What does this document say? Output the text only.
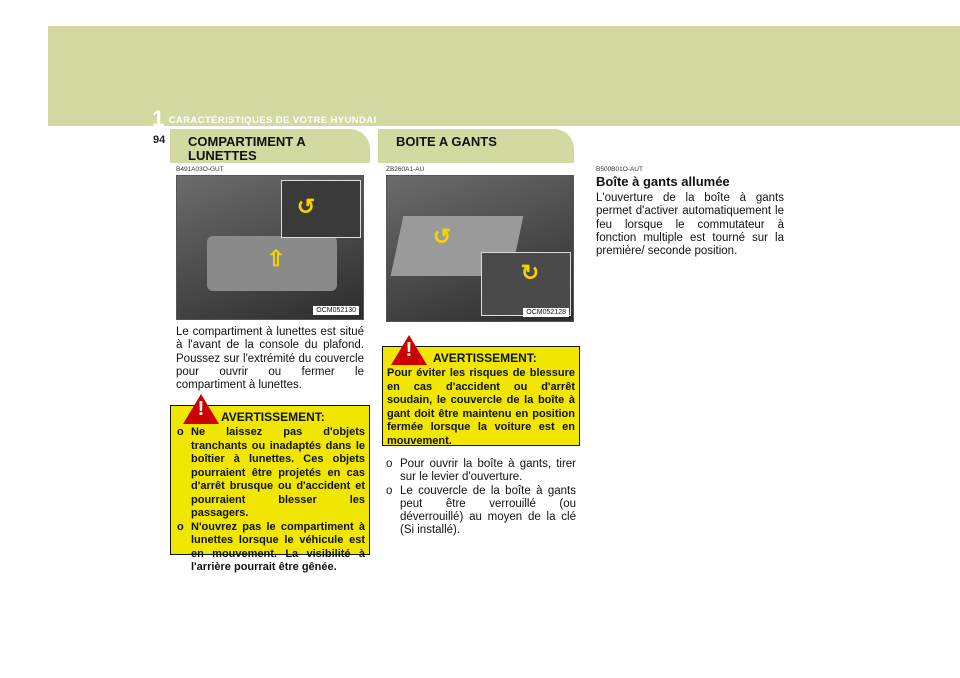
1 CARACTÉRISTIQUES DE VOTRE HYUNDAI
94 COMPARTIMENT A LUNETTES
B491A03O-GUT
↺
⇧
OCM052130
Le compartiment à lunettes est situé à l'avant de la console du plafond. Poussez sur l'extrémité du couvercle pour ouvrir ou fermer le compartiment à lunettes.
!	AVERTISSEMENT:
o Ne laissez pas d'objets tranchants ou inadaptés dans le boîtier à lunettes. Ces objets pourraient être projetés en cas d'arrêt brusque ou d'accident et pourraient blesser les passagers.
o N'ouvrez pas le compartiment à lunettes lorsque le véhicule est en mouvement. La visibilité à l'arrière pourrait être gênée.
BOITE A GANTS
ZB260A1-AU
↺
↻
OCM052128
!	AVERTISSEMENT:
Pour éviter les risques de blessure en cas d'accident ou d'arrêt soudain, le couvercle de la boîte à gant doit être maintenu en position fermée lorsque la voiture est en mouvement.
o Pour ouvrir la boîte à gants, tirer sur le levier d'ouverture.
o Le couvercle de la boîte à gants peut être verrouillé (ou déverrouillé) au moyen de la clé (Si installé).
B500B01O-AUT
Boîte à gants allumée
L'ouverture de la boîte à gants permet d'activer automatiquement le feu lorsque le commutateur à fonction multiple est tourné sur la première/ seconde position.
